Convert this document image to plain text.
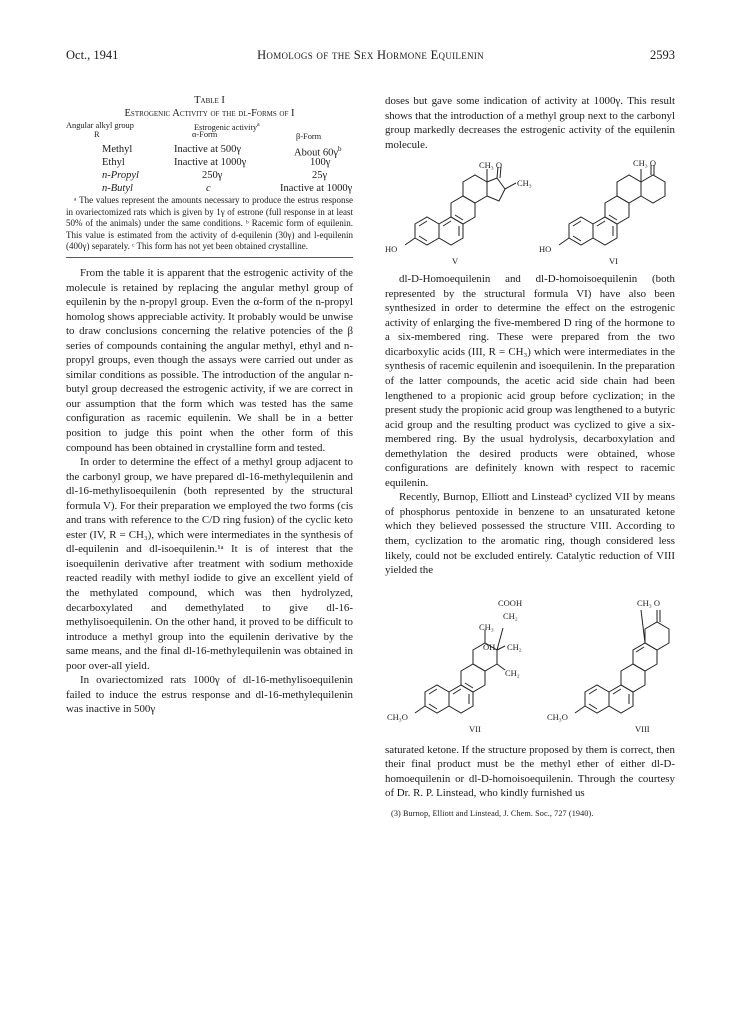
Oct., 1941	Homologs of the Sex Hormone Equilenin	2593
Table I
Estrogenic Activity of the dl-Forms of I
Angular alkyl group
R
Estrogenic activity$^a$
α-Form	β-Form
Methyl	Inactive at 500γ	About $60\gamma^b$
Ethyl	Inactive at 1000γ	100γ
n-Propyl	250γ	25γ
n-Butyl	c	Inactive at 1000γ

ᵃ The values represent the amounts necessary to produce the estrus response in ovariectomized rats which is given by 1γ of estrone (full response in at least 50% of the animals) under the same conditions. ᵇ Racemic form of equilenin. This value is estimated from the activity of d-equilenin (30γ) and l-equilenin (400γ) separately. ᶜ This form has not yet been obtained crystalline.

From the table it is apparent that the estrogenic activity of the molecule is retained by replacing the angular methyl group of equilenin by the n-propyl group. Even the α-form of the n-propyl homolog shows appreciable activity. It probably would be unwise to draw conclusions concerning the relative potencies of the β series of compounds containing the angular methyl, ethyl and n-propyl groups, even though the assays were carried out under as similar conditions as possible. The introduction of the angular n-butyl group decreased the estrogenic activity, if we are correct in our assumption that the form which was tested has the same configuration as racemic equilenin. We shall be in a better position to judge this point when the other form of this compound has been obtained in crystalline form and tested.

In order to determine the effect of a methyl group adjacent to the carbonyl group, we have prepared dl-16-methylequilenin and dl-16-methylisoequilenin (both represented by the structural formula V). For their preparation we employed the two forms (cis and trans with reference to the C/D ring fusion) of the cyclic keto ester (IV, R = CH₃), which were intermediates in the synthesis of dl-equilenin and dl-isoequilenin.¹ᵃ It is of interest that the isoequilenin derivative after treatment with sodium methoxide reacted readily with methyl iodide to give an excellent yield of the methylated compound, which was then hydrolyzed, decarboxylated and demethylated to give dl-16-methylisoequilenin. On the other hand, it proved to be difficult to introduce a methyl group into the equilenin derivative by the same means, and the final dl-16-methylequilenin was obtained in poor over-all yield.

In ovariectomized rats 1000γ of dl-16-methylisoequilenin failed to induce the estrus response and dl-16-methylequilenin was inactive in 500γ

doses but gave some indication of activity at 1000γ. This result shows that the introduction of a methyl group next to the carbonyl group markedly decreases the estrogenic activity of the equilenin molecule.

CH₃ O
CH₃
HO
V
CH₃ O
HO
VI

dl-D-Homoequilenin and dl-D-homoisoequilenin (both represented by the structural formula VI) have also been synthesized in order to determine the effect on the estrogenic activity of enlarging the five-membered D ring of the hormone to a six-membered ring. These were prepared from the two dicarboxylic acids (III, R = CH₃) which were intermediates in the synthesis of racemic equilenin and isoequilenin. In the preparation of the latter compounds, the acetic acid side chain had been lengthened to a propionic acid group before cyclization; in the present study the propionic acid group was lengthened to a butyric acid group and the resulting product was cyclized to give a six-membered ring. By the usual hydrolysis, decarboxylation and demethylation the desired products were obtained, whose configurations are definitely known with respect to racemic equilenin.

Recently, Burnop, Elliott and Linstead³ cyclized VII by means of phosphorus pentoxide in benzene to an unsaturated ketone which they believed possessed the structure VIII. According to them, cyclization to the aromatic ring, though considered less likely, could not be excluded entirely. Catalytic reduction of VIII yielded the

CH₃
COOH
CH₂
OH CH₂
CH₂
CH₃O
VII
CH₃ O
CH₃O
VIII

saturated ketone. If the structure proposed by them is correct, then their final product must be the methyl ether of either dl-D-homoequilenin or dl-D-homoisoequilenin. Through the courtesy of Dr. R. P. Linstead, who kindly furnished us

(3) Burnop, Elliott and Linstead, J. Chem. Soc., 727 (1940).
